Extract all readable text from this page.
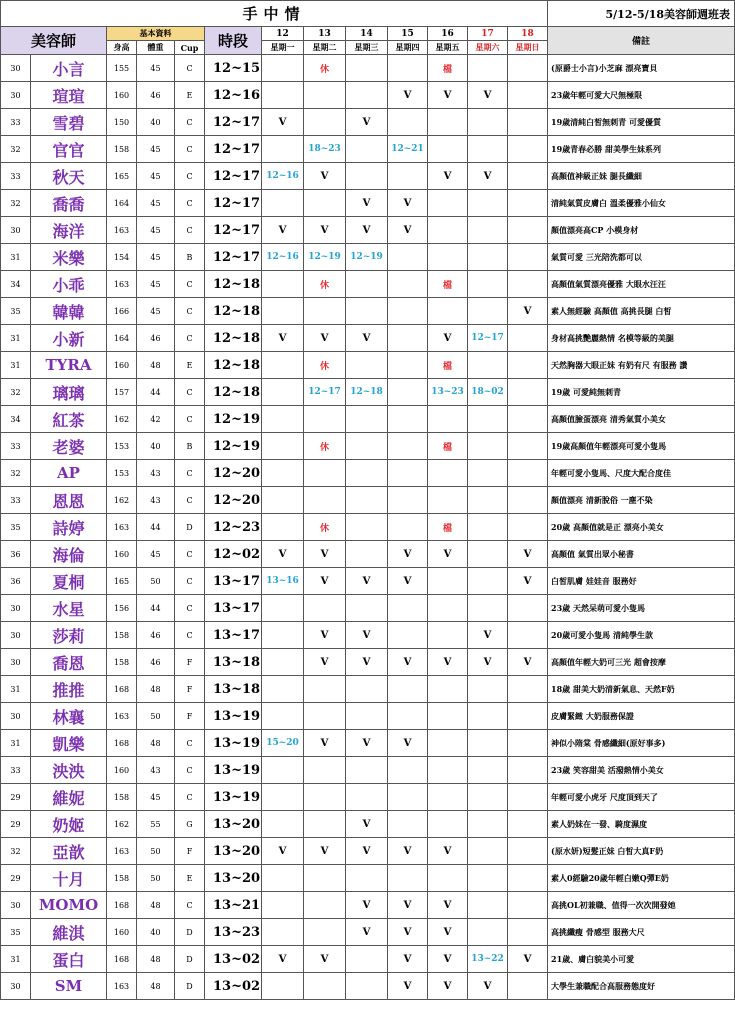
手中情													5/12-5/18美容師週班表
美容師		基本資料			時段	12	13	14	15	16	17	18	備註
		身高	體重	Cup		星期一	星期二	星期三	星期四	星期五	星期六	星期日	
30	小言	155	45	C	12~15		休			檔			(原爵士小言)小芝麻 漂亮寶貝
30	瑄瑄	160	46	E	12~16				V	V	V		23歲年輕可愛大尺無極限
33	雪碧	150	40	C	12~17	V		V					19歲清純白皙無刺青 可愛優質
32	官官	158	45	C	12~17		18~23		12~21				19歲青春必勝 甜美學生妹系列
33	秋天	165	45	C	12~17	12~16	V			V	V		高顏值神級正妹 腿長纖細
32	喬喬	164	45	C	12~17			V	V				清純氣質皮膚白 溫柔優雅小仙女
30	海洋	163	45	C	12~17	V	V	V	V				顏值漂亮高CP 小模身材
31	米樂	154	45	B	12~17	12~16	12~19	12~19					氣質可愛 三光陪洗都可以
34	小乖	163	45	C	12~18		休			檔			高顏值氣質漂亮優雅 大眼水汪汪
35	韓韓	166	45	C	12~18							V	素人無經驗 高顏值 高挑長腿 白皙
31	小新	164	46	C	12~18	V	V	V		V	12~17		身材高挑艷麗熱情 名模等級的美腿
31	TYRA	160	48	E	12~18		休			檔			天然胸器大眼正妹 有奶有尺 有服務 讚
32	璃璃	157	44	C	12~18		12~17	12~18		13~23	18~02		19歲 可愛純無刺青
34	紅茶	162	42	C	12~19								高顏值臉蛋漂亮 清秀氣質小美女
33	老婆	153	40	B	12~19		休			檔			19歲高顏值年輕漂亮可愛小隻馬
32	AP	153	43	C	12~20								年輕可愛小隻馬、尺度大配合度佳
33	恩恩	162	43	C	12~20								顏值漂亮 清新脫俗 一塵不染
35	詩婷	163	44	D	12~23		休			檔			20歲 高顏值就是正 漂亮小美女
36	海倫	160	45	C	12~02	V	V		V	V		V	高顏值 氣質出眾小秘書
36	夏桐	165	50	C	13~17	13~16	V	V	V			V	白皙肌膚 娃娃音 服務好
30	水星	156	44	C	13~17								23歲 天然呆萌可愛小隻馬
30	莎莉	158	46	C	13~17		V	V			V		20歲可愛小隻馬 清純學生款
30	喬恩	158	46	F	13~18		V	V	V	V	V	V	高顏值年輕大奶可三光 超會按摩
31	推推	168	48	F	13~18								18歲 甜美大奶清新氣息、天然F奶
30	林襄	163	50	F	13~19								皮膚緊緻 大奶服務保證
31	凱樂	168	48	C	13~19	15~20	V	V	V				神似小隋棠 骨感纖細(原好事多)
33	泱泱	160	43	C	13~19								23歲 笑容甜美 活潑熱情小美女
29	維妮	158	45	C	13~19								年輕可愛小虎牙 尺度頂到天了
29	奶姬	162	55	G	13~20			V					素人奶妹在一發、騎度濕度
32	亞歆	163	50	F	13~20	V	V	V	V	V			(原水妍)短髮正妹 白皙大真F奶
29	十月	158	50	E	13~20								素人0經驗20歲年輕白嫩Q彈E奶
30	MOMO	168	48	C	13~21			V	V	V			高挑OL初兼職、值得一次次開發她
35	維淇	160	40	D	13~23			V	V	V			高挑纖瘦 骨感型 服務大尺
31	蛋白	168	48	D	13~02	V	V		V	V	13~22	V	21歲、膚白貌美小可愛
30	SM	163	48	D	13~02				V	V	V		大學生兼職配合高服務態度好
